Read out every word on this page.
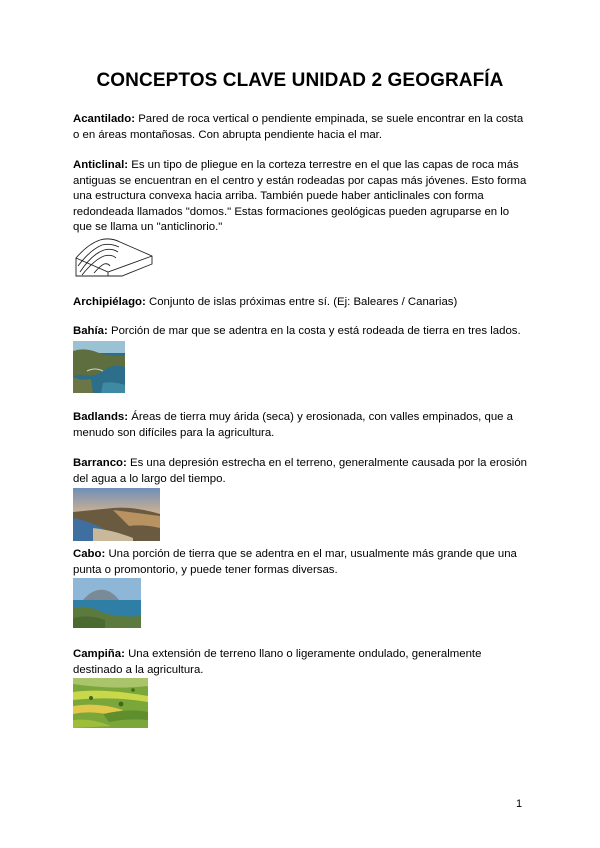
CONCEPTOS CLAVE UNIDAD 2 GEOGRAFÍA
Acantilado: Pared de roca vertical o pendiente empinada, se suele encontrar en la costa o en áreas montañosas. Con abrupta pendiente hacia el mar.
Anticlinal: Es un tipo de pliegue en la corteza terrestre en el que las capas de roca más antiguas se encuentran en el centro y están rodeadas por capas más jóvenes. Esto forma una estructura convexa hacia arriba. También puede haber anticlinales con forma redondeada llamados "domos." Estas formaciones geológicas pueden agruparse en lo que se llama un "anticlinorio."
Archipiélago: Conjunto de islas próximas entre sí. (Ej: Baleares / Canarias)
Bahía: Porción de mar que se adentra en la costa y está rodeada de tierra en tres lados.
Badlands: Áreas de tierra muy árida (seca) y erosionada, con valles empinados, que a menudo son difíciles para la agricultura.
Barranco: Es una depresión estrecha en el terreno, generalmente causada por la erosión del agua a lo largo del tiempo.
Cabo: Una porción de tierra que se adentra en el mar, usualmente más grande que una punta o promontorio, y puede tener formas diversas.
Campiña: Una extensión de terreno llano o ligeramente ondulado, generalmente destinado a la agricultura.
1
